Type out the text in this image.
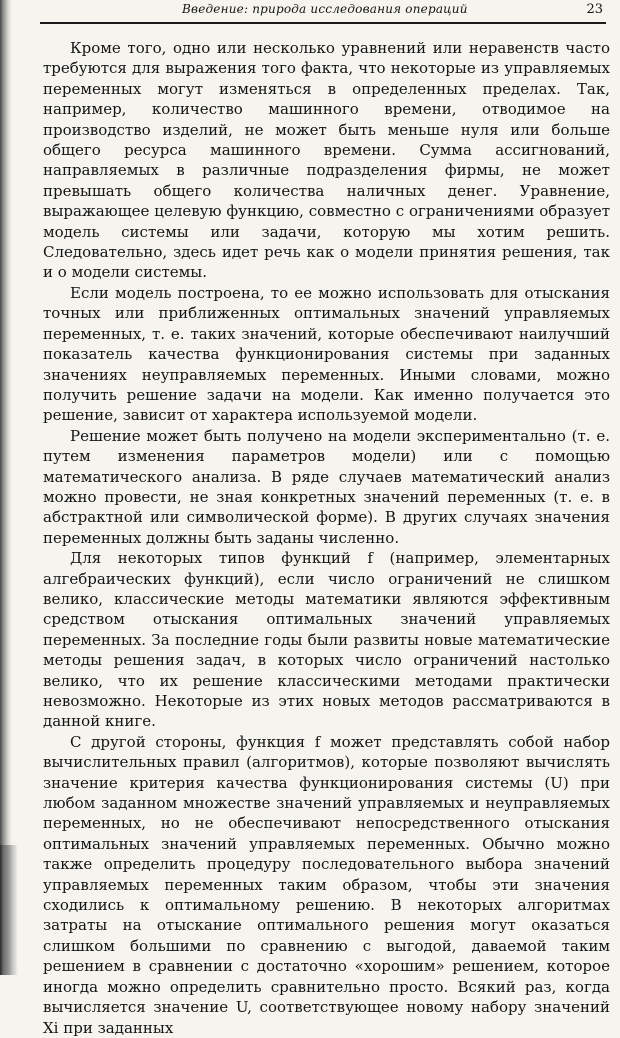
Введение: природа исследования операций	23

Кроме того, одно или несколько уравнений или неравенств часто требуются для выражения того факта, что некоторые из управляемых переменных могут изменяться в определенных пределах. Так, например, количество машинного времени, отводимое на производство изделий, не может быть меньше нуля или больше общего ресурса машинного времени. Сумма ассигнований, направляемых в различные подразделения фирмы, не может превышать общего количества наличных денег. Уравнение, выражающее целевую функцию, совместно с ограничениями образует модель системы или задачи, которую мы хотим решить. Следовательно, здесь идет речь как о модели принятия решения, так и о модели системы.

Если модель построена, то ее можно использовать для отыскания точных или приближенных оптимальных значений управляемых переменных, т. е. таких значений, которые обеспечивают наилучший показатель качества функционирования системы при заданных значениях неуправляемых переменных. Иными словами, можно получить решение задачи на модели. Как именно получается это решение, зависит от характера используемой модели.

Решение может быть получено на модели экспериментально (т. е. путем изменения параметров модели) или с помощью математического анализа. В ряде случаев математический анализ можно провести, не зная конкретных значений переменных (т. е. в абстрактной или символической форме). В других случаях значения переменных должны быть заданы численно.

Для некоторых типов функций f (например, элементарных алгебраических функций), если число ограничений не слишком велико, классические методы математики являются эффективным средством отыскания оптимальных значений управляемых переменных. За последние годы были развиты новые математические методы решения задач, в которых число ограничений настолько велико, что их решение классическими методами практически невозможно. Некоторые из этих новых методов рассматриваются в данной книге.

С другой стороны, функция f может представлять собой набор вычислительных правил (алгоритмов), которые позволяют вычислять значение критерия качества функционирования системы (U) при любом заданном множестве значений управляемых и неуправляемых переменных, но не обеспечивают непосредственного отыскания оптимальных значений управляемых переменных. Обычно можно также определить процедуру последовательного выбора значений управляемых переменных таким образом, чтобы эти значения сходились к оптимальному решению. В некоторых алгоритмах затраты на отыскание оптимального решения могут оказаться слишком большими по сравнению с выгодой, даваемой таким решением в сравнении с достаточно «хорошим» решением, которое иногда можно определить сравнительно просто. Всякий раз, когда вычисляется значение U, соответствующее новому набору значений Xi при заданных
